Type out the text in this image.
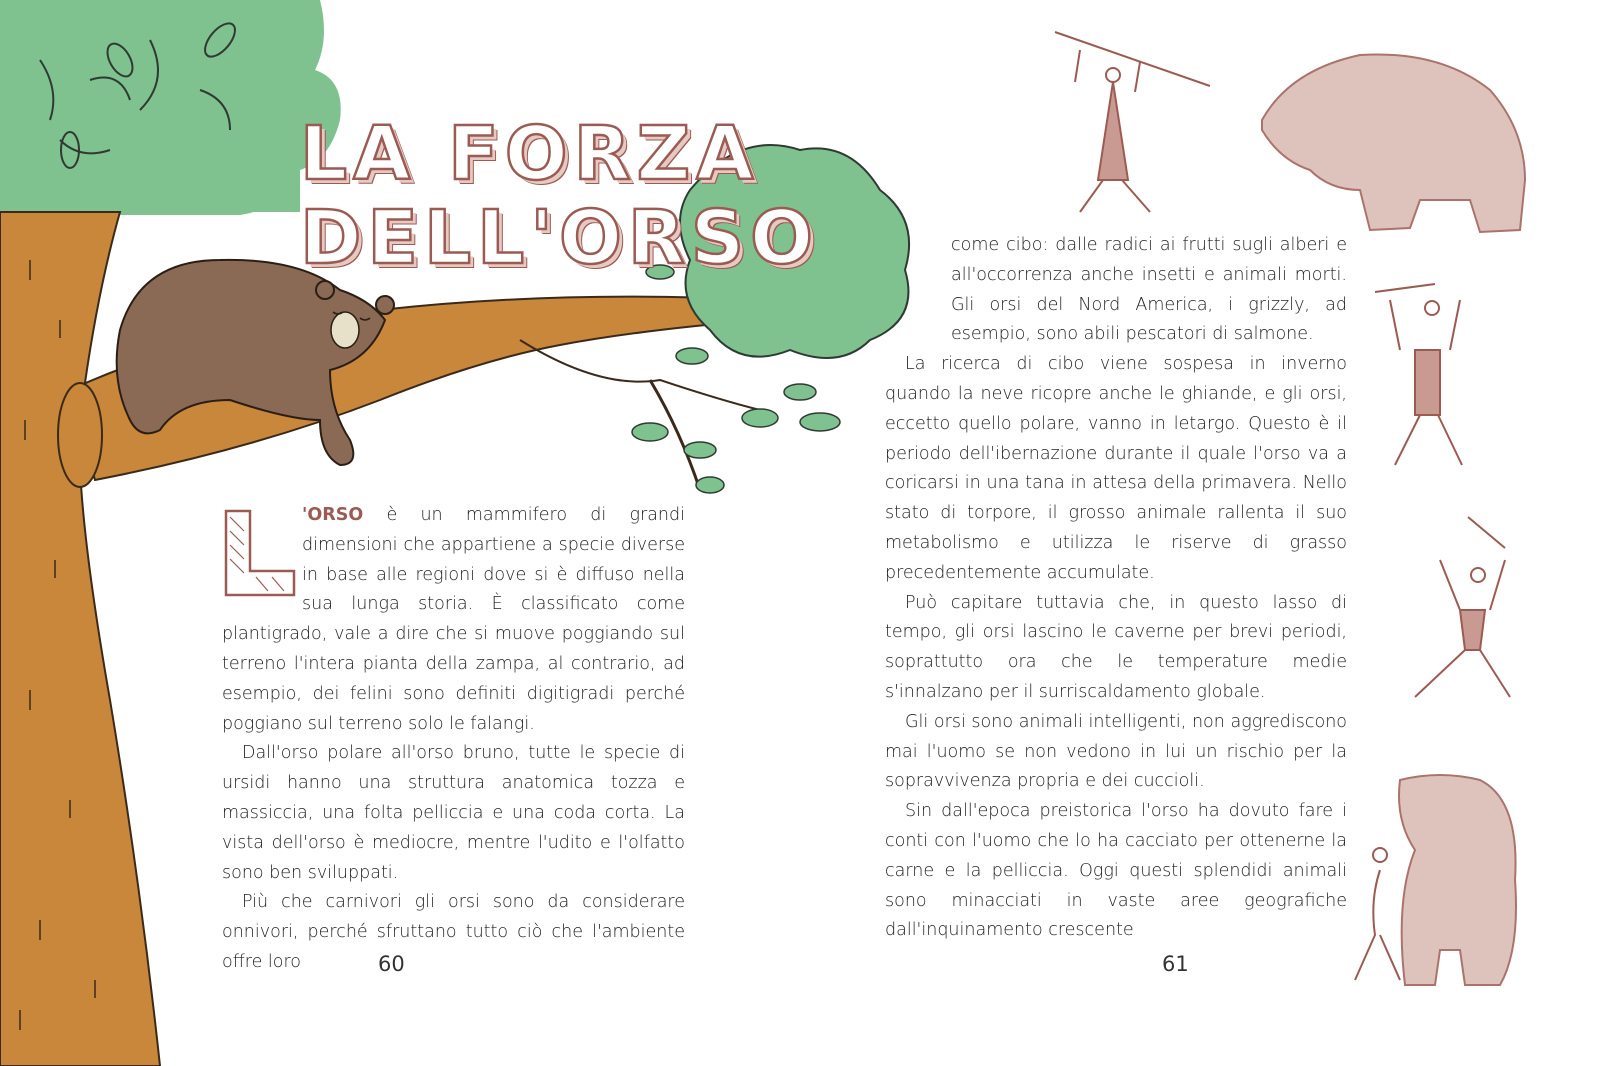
LA FORZA
DELL'ORSO

'ORSO è un mammifero di grandi dimensioni che appartiene a specie diverse in base alle regioni dove si è diffuso nella sua lunga storia. È classificato come plantigrado, vale a dire che si muove poggiando sul terreno l'intera pianta della zampa, al contrario, ad esempio, dei felini sono definiti digitigradi perché poggiano sul terreno solo le falangi.

Dall'orso polare all'orso bruno, tutte le specie di ursidi hanno una struttura anatomica tozza e massiccia, una folta pelliccia e una coda corta. La vista dell'orso è mediocre, mentre l'udito e l'olfatto sono ben sviluppati.

Più che carnivori gli orsi sono da considerare onnivori, perché sfruttano tutto ciò che l'ambiente offre loro

come cibo: dalle radici ai frutti sugli alberi e all'occorrenza anche insetti e animali morti. Gli orsi del Nord America, i grizzly, ad esempio, sono abili pescatori di salmone.

La ricerca di cibo viene sospesa in inverno quando la neve ricopre anche le ghiande, e gli orsi, eccetto quello polare, vanno in letargo. Questo è il periodo dell'ibernazione durante il quale l'orso va a coricarsi in una tana in attesa della primavera. Nello stato di torpore, il grosso animale rallenta il suo metabolismo e utilizza le riserve di grasso precedentemente accumulate.

Può capitare tuttavia che, in questo lasso di tempo, gli orsi lascino le caverne per brevi periodi, soprattutto ora che le temperature medie s'innalzano per il surriscaldamento globale.

Gli orsi sono animali intelligenti, non aggrediscono mai l'uomo se non vedono in lui un rischio per la sopravvivenza propria e dei cuccioli.

Sin dall'epoca preistorica l'orso ha dovuto fare i conti con l'uomo che lo ha cacciato per ottenerne la carne e la pelliccia. Oggi questi splendidi animali sono minacciati in vaste aree geografiche dall'inquinamento crescente

60	61
